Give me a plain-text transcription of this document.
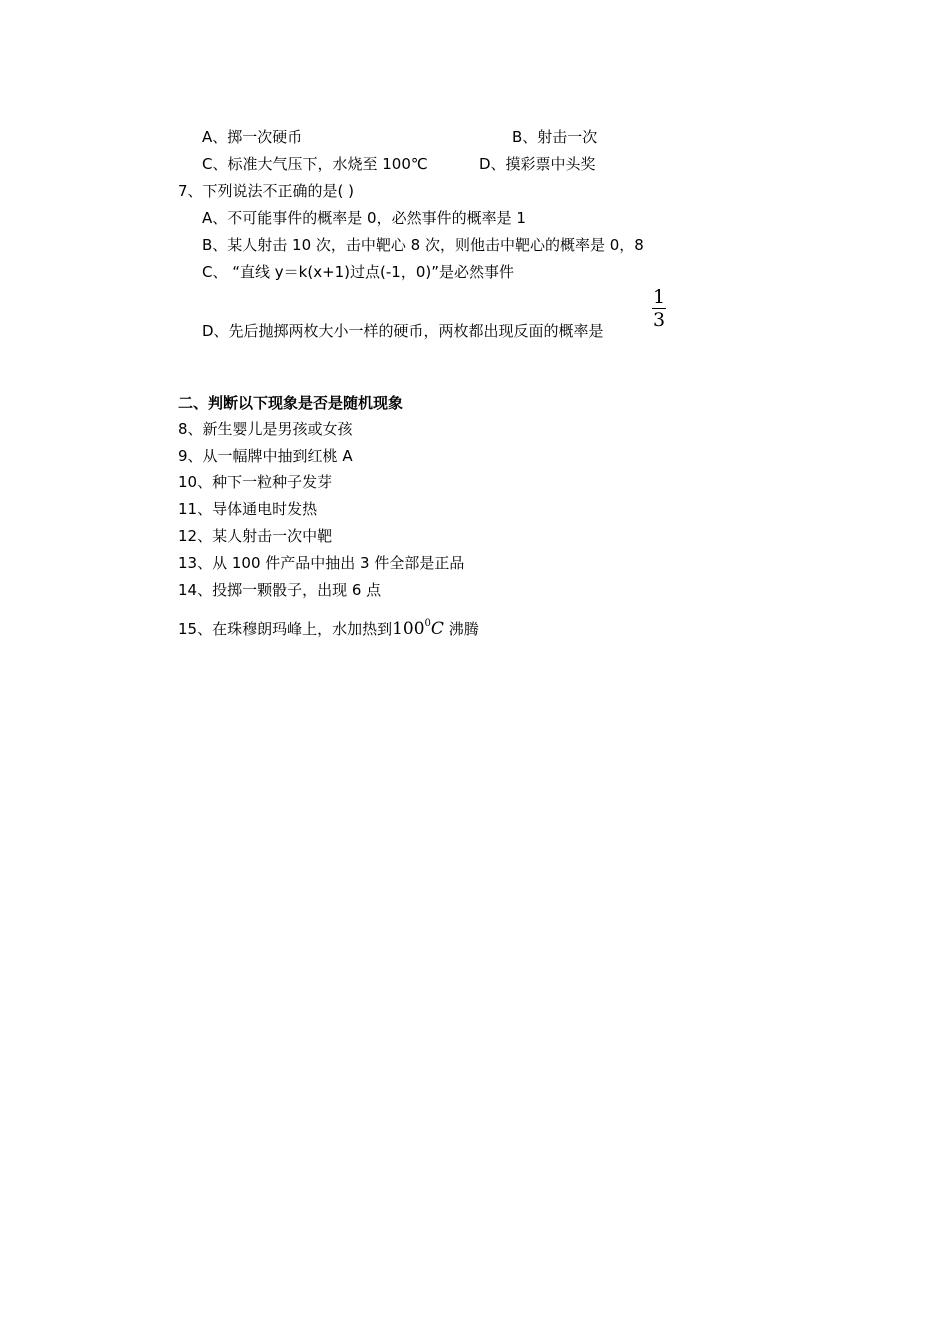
A、掷一次硬币	B、射击一次
C、标准大气压下，水烧至 100℃	D、摸彩票中头奖
7、下列说法不正确的是( )
A、不可能事件的概率是 0，必然事件的概率是 1
B、某人射击 10 次，击中靶心 8 次，则他击中靶心的概率是 0，8
C、 “直线 y＝k(x+1)过点(-1，0)”是必然事件
D、先后抛掷两枚大小一样的硬币，两枚都出现反面的概率是
1
3
二、判断以下现象是否是随机现象
8、新生婴儿是男孩或女孩
9、从一幅牌中抽到红桃 A
10、种下一粒种子发芽
11、导体通电时发热
12、某人射击一次中靶
13、从 100 件产品中抽出 3 件全部是正品
14、投掷一颗骰子，出现 6 点
15、在珠穆朗玛峰上，水加热到$100^0C$ 沸腾
